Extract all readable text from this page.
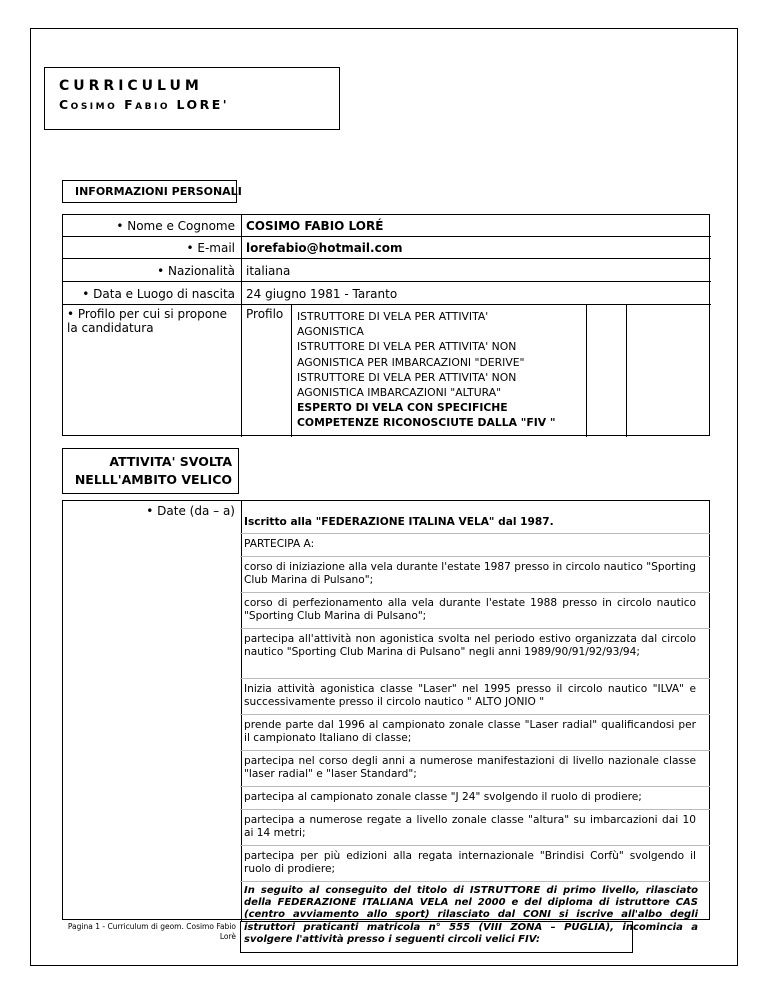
CURRICULUM
Cosimo Fabio LORE'
INFORMAZIONI PERSONALI
• Nome e Cognome COSIMO FABIO LORÉ
• E-mail lorefabio@hotmail.com
• Nazionalità italiana
• Data e Luogo di nascita 24 giugno 1981 - Taranto
• Profilo per cui si propone
la candidatura
Profilo ISTRUTTORE DI VELA PER ATTIVITA'
AGONISTICA
ISTRUTTORE DI VELA PER ATTIVITA' NON
AGONISTICA PER IMBARCAZIONI "DERIVE"
ISTRUTTORE DI VELA PER ATTIVITA' NON
AGONISTICA IMBARCAZIONI "ALTURA"
ESPERTO DI VELA CON SPECIFICHE
COMPETENZE RICONOSCIUTE DALLA "FIV "
ATTIVITA' SVOLTA
NELLL'AMBITO VELICO
• Date (da – a)
Iscritto alla "FEDERAZIONE ITALINA VELA" dal 1987.
PARTECIPA A:
corso di iniziazione alla vela durante l'estate 1987 presso in circolo nautico "Sporting Club Marina di Pulsano";
corso di perfezionamento alla vela durante l'estate 1988 presso in circolo nautico "Sporting Club Marina di Pulsano";
partecipa all'attività non agonistica svolta nel periodo estivo organizzata dal circolo nautico "Sporting Club Marina di Pulsano" negli anni 1989/90/91/92/93/94;
Inizia attività agonistica classe "Laser" nel 1995 presso il circolo nautico "ILVA" e successivamente presso il circolo nautico " ALTO JONIO "
prende parte dal 1996 al campionato zonale classe "Laser radial" qualificandosi per il campionato Italiano di classe;
partecipa nel corso degli anni a numerose manifestazioni di livello nazionale classe "laser radial" e "laser Standard";
partecipa al campionato zonale classe "J 24" svolgendo il ruolo di prodiere;
partecipa a numerose regate a livello zonale classe "altura" su imbarcazioni dai 10 ai 14 metri;
partecipa per più edizioni alla regata internazionale "Brindisi Corfù" svolgendo il ruolo di prodiere;
In seguito al conseguito del titolo di ISTRUTTORE di primo livello, rilasciato della FEDERAZIONE ITALIANA VELA nel 2000 e del diploma di istruttore CAS (centro avviamento allo sport) rilasciato dal CONI si iscrive all'albo degli istruttori praticanti matricola n° 555 (VIII ZONA – PUGLIA), incomincia a svolgere l'attività presso i seguenti circoli velici FIV:
Pagina 1 - Curriculum di geom. Cosimo Fabio
Lorè
